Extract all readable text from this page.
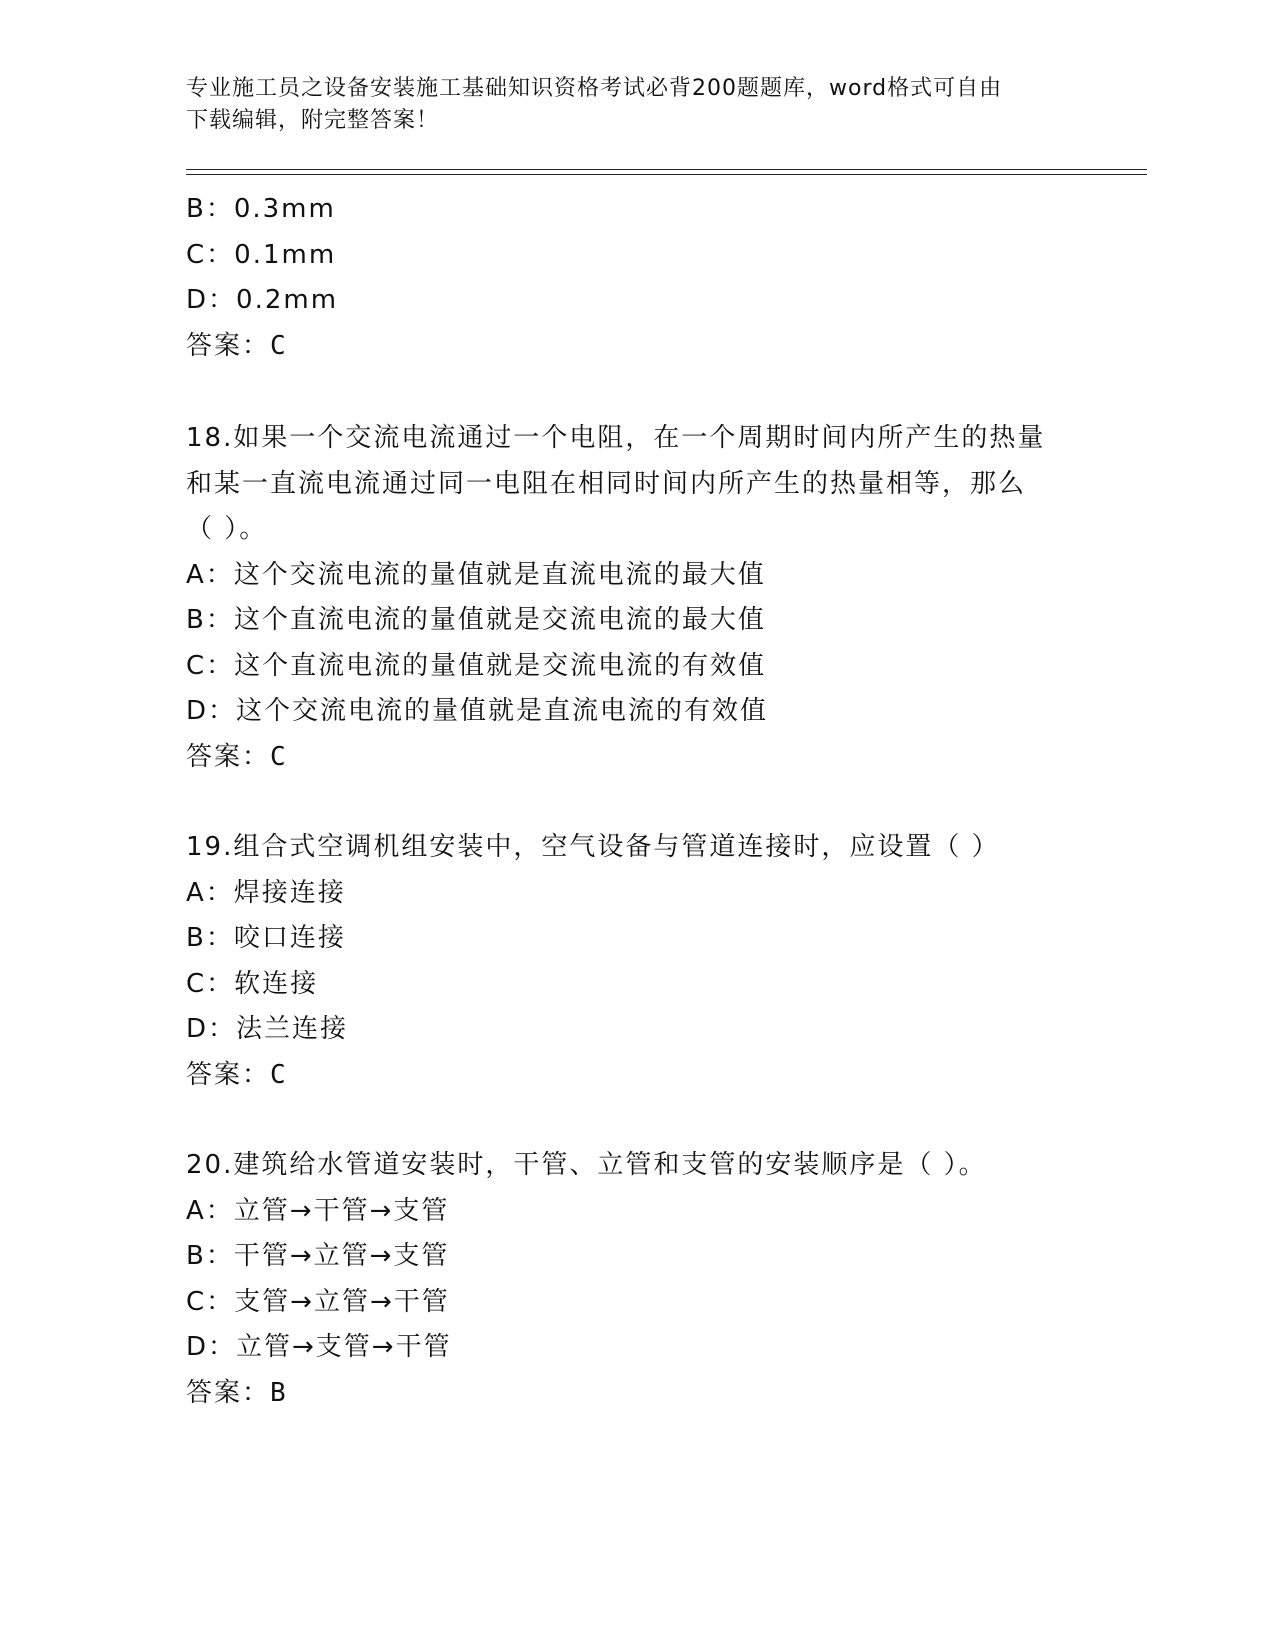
专业施工员之设备安装施工基础知识资格考试必背200题题库，word格式可自由
下载编辑，附完整答案！
B：0.3mm
C：0.1mm
D：0.2mm
答案：C
18.如果一个交流电流通过一个电阻，在一个周期时间内所产生的热量
和某一直流电流通过同一电阻在相同时间内所产生的热量相等，那么
（ ）。
A：这个交流电流的量值就是直流电流的最大值
B：这个直流电流的量值就是交流电流的最大值
C：这个直流电流的量值就是交流电流的有效值
D：这个交流电流的量值就是直流电流的有效值
答案：C
19.组合式空调机组安装中，空气设备与管道连接时，应设置（ ）
A：焊接连接
B：咬口连接
C：软连接
D：法兰连接
答案：C
20.建筑给水管道安装时，干管、立管和支管的安装顺序是（ ）。
A：立管→干管→支管
B：干管→立管→支管
C：支管→立管→干管
D：立管→支管→干管
答案：B
